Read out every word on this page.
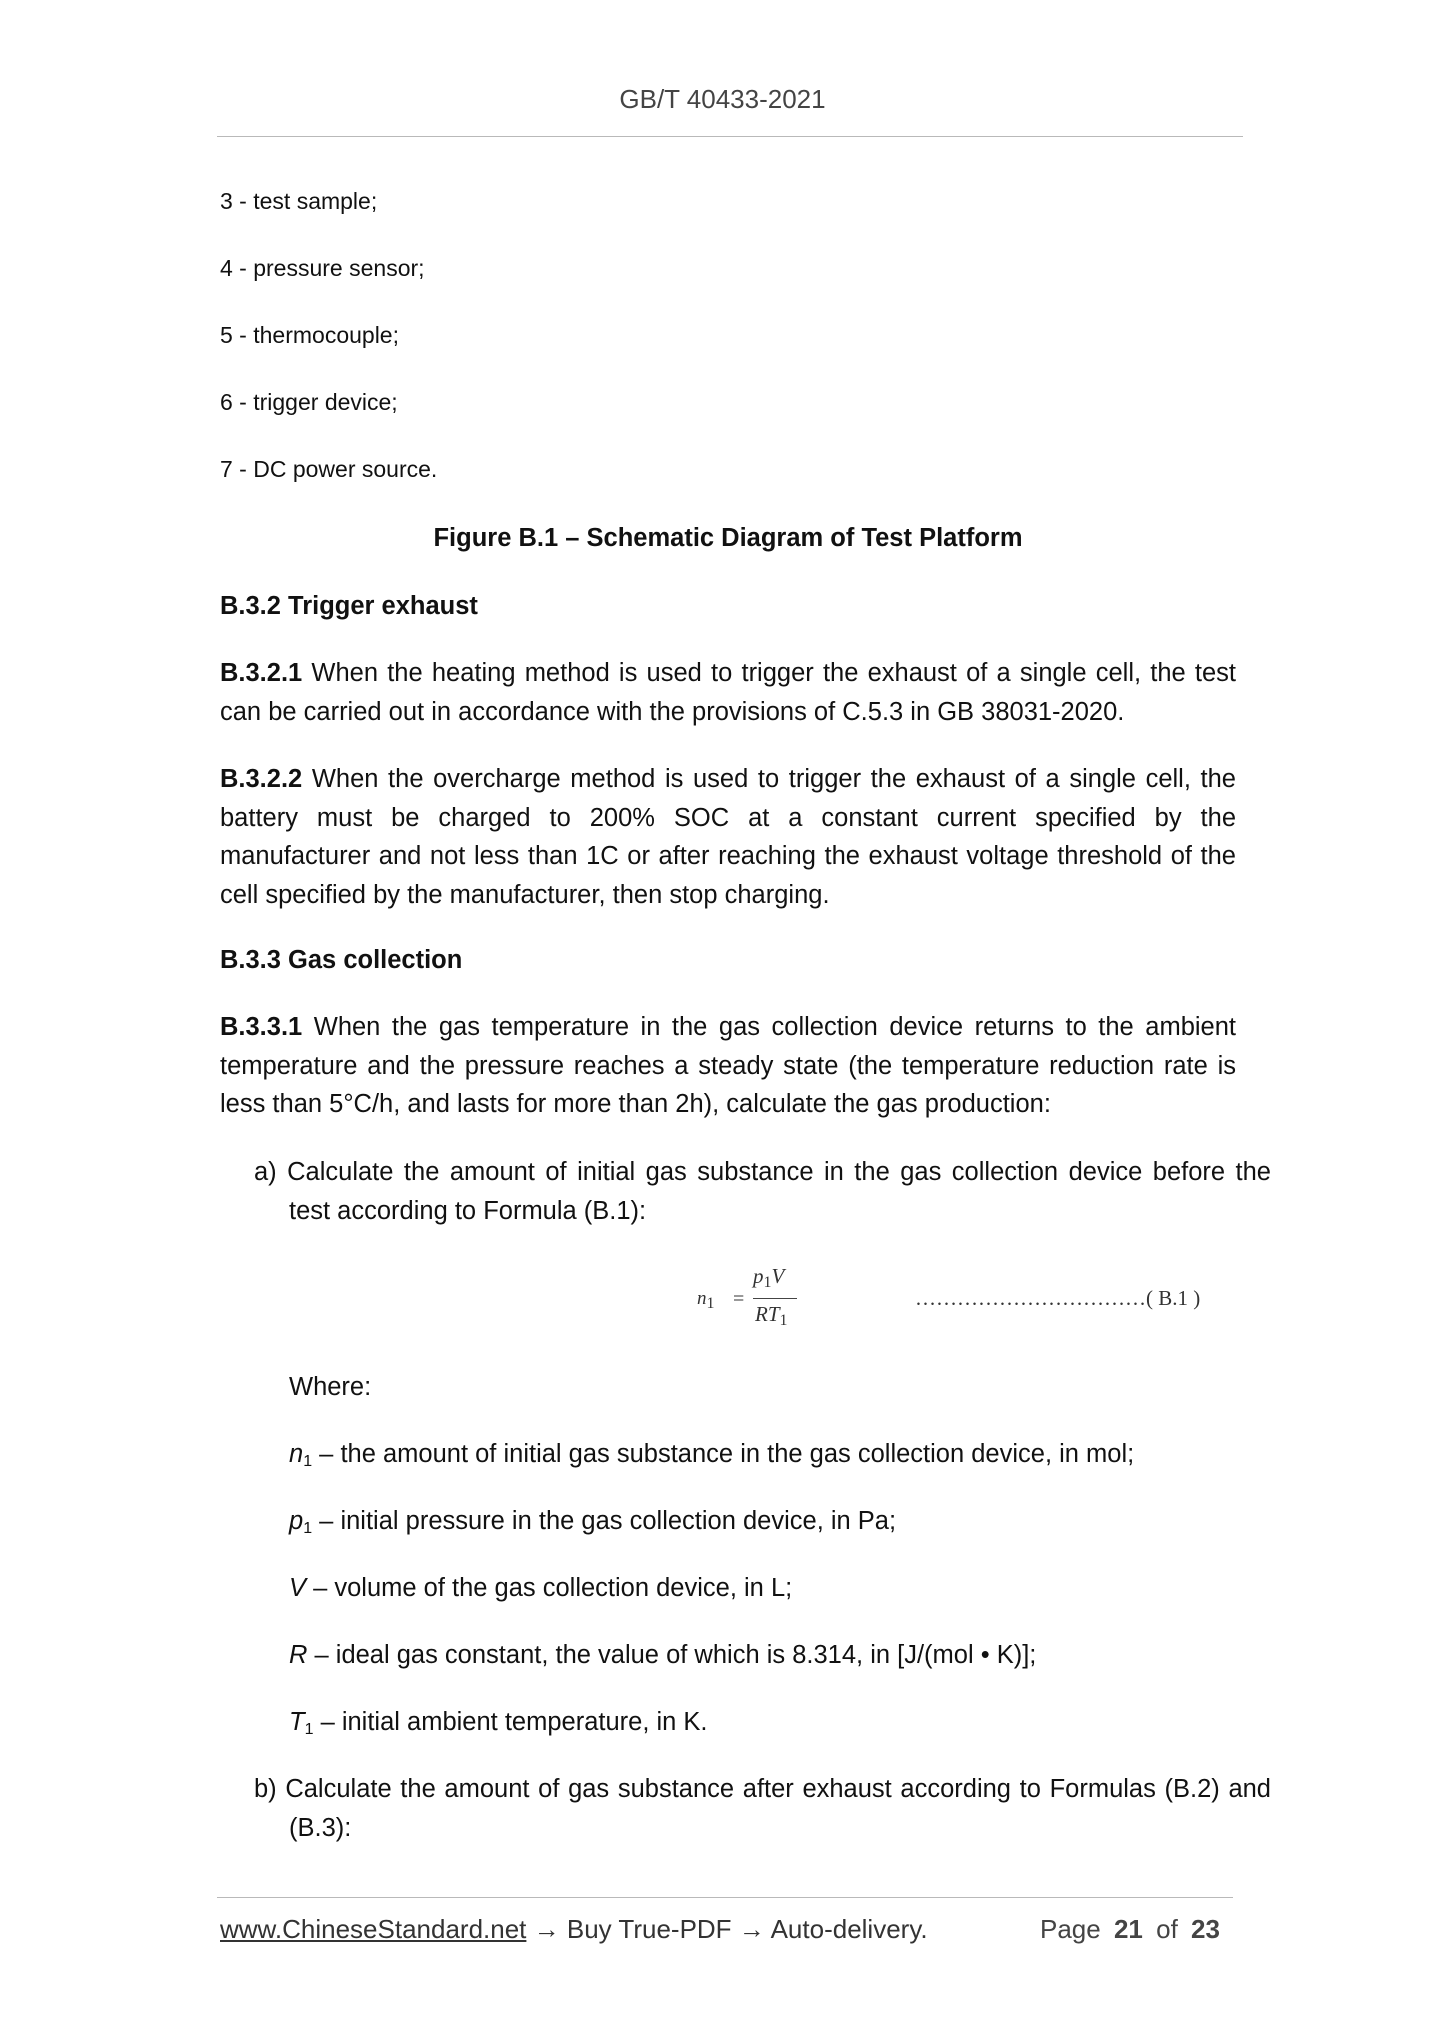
GB/T 40433-2021
3 - test sample;
4 - pressure sensor;
5 - thermocouple;
6 - trigger device;
7 - DC power source.
Figure B.1 – Schematic Diagram of Test Platform
B.3.2 Trigger exhaust
B.3.2.1 When the heating method is used to trigger the exhaust of a single cell, the test can be carried out in accordance with the provisions of C.5.3 in GB 38031-2020.
B.3.2.2 When the overcharge method is used to trigger the exhaust of a single cell, the battery must be charged to 200% SOC at a constant current specified by the manufacturer and not less than 1C or after reaching the exhaust voltage threshold of the cell specified by the manufacturer, then stop charging.
B.3.3 Gas collection
B.3.3.1 When the gas temperature in the gas collection device returns to the ambient temperature and the pressure reaches a steady state (the temperature reduction rate is less than 5°C/h, and lasts for more than 2h), calculate the gas production:
a) Calculate the amount of initial gas substance in the gas collection device before the test according to Formula (B.1):
$n_1$ =
$p_1V$
$RT_1$
……………………………( B.1 )
Where:
$n_1$ – the amount of initial gas substance in the gas collection device, in mol;
$p_1$ – initial pressure in the gas collection device, in Pa;
V – volume of the gas collection device, in L;
R – ideal gas constant, the value of which is 8.314, in [J/(mol • K)];
$T_1$ – initial ambient temperature, in K.
b) Calculate the amount of gas substance after exhaust according to Formulas (B.2) and (B.3):
www.ChineseStandard.net → Buy True-PDF → Auto-delivery.	Page 21 of 23
